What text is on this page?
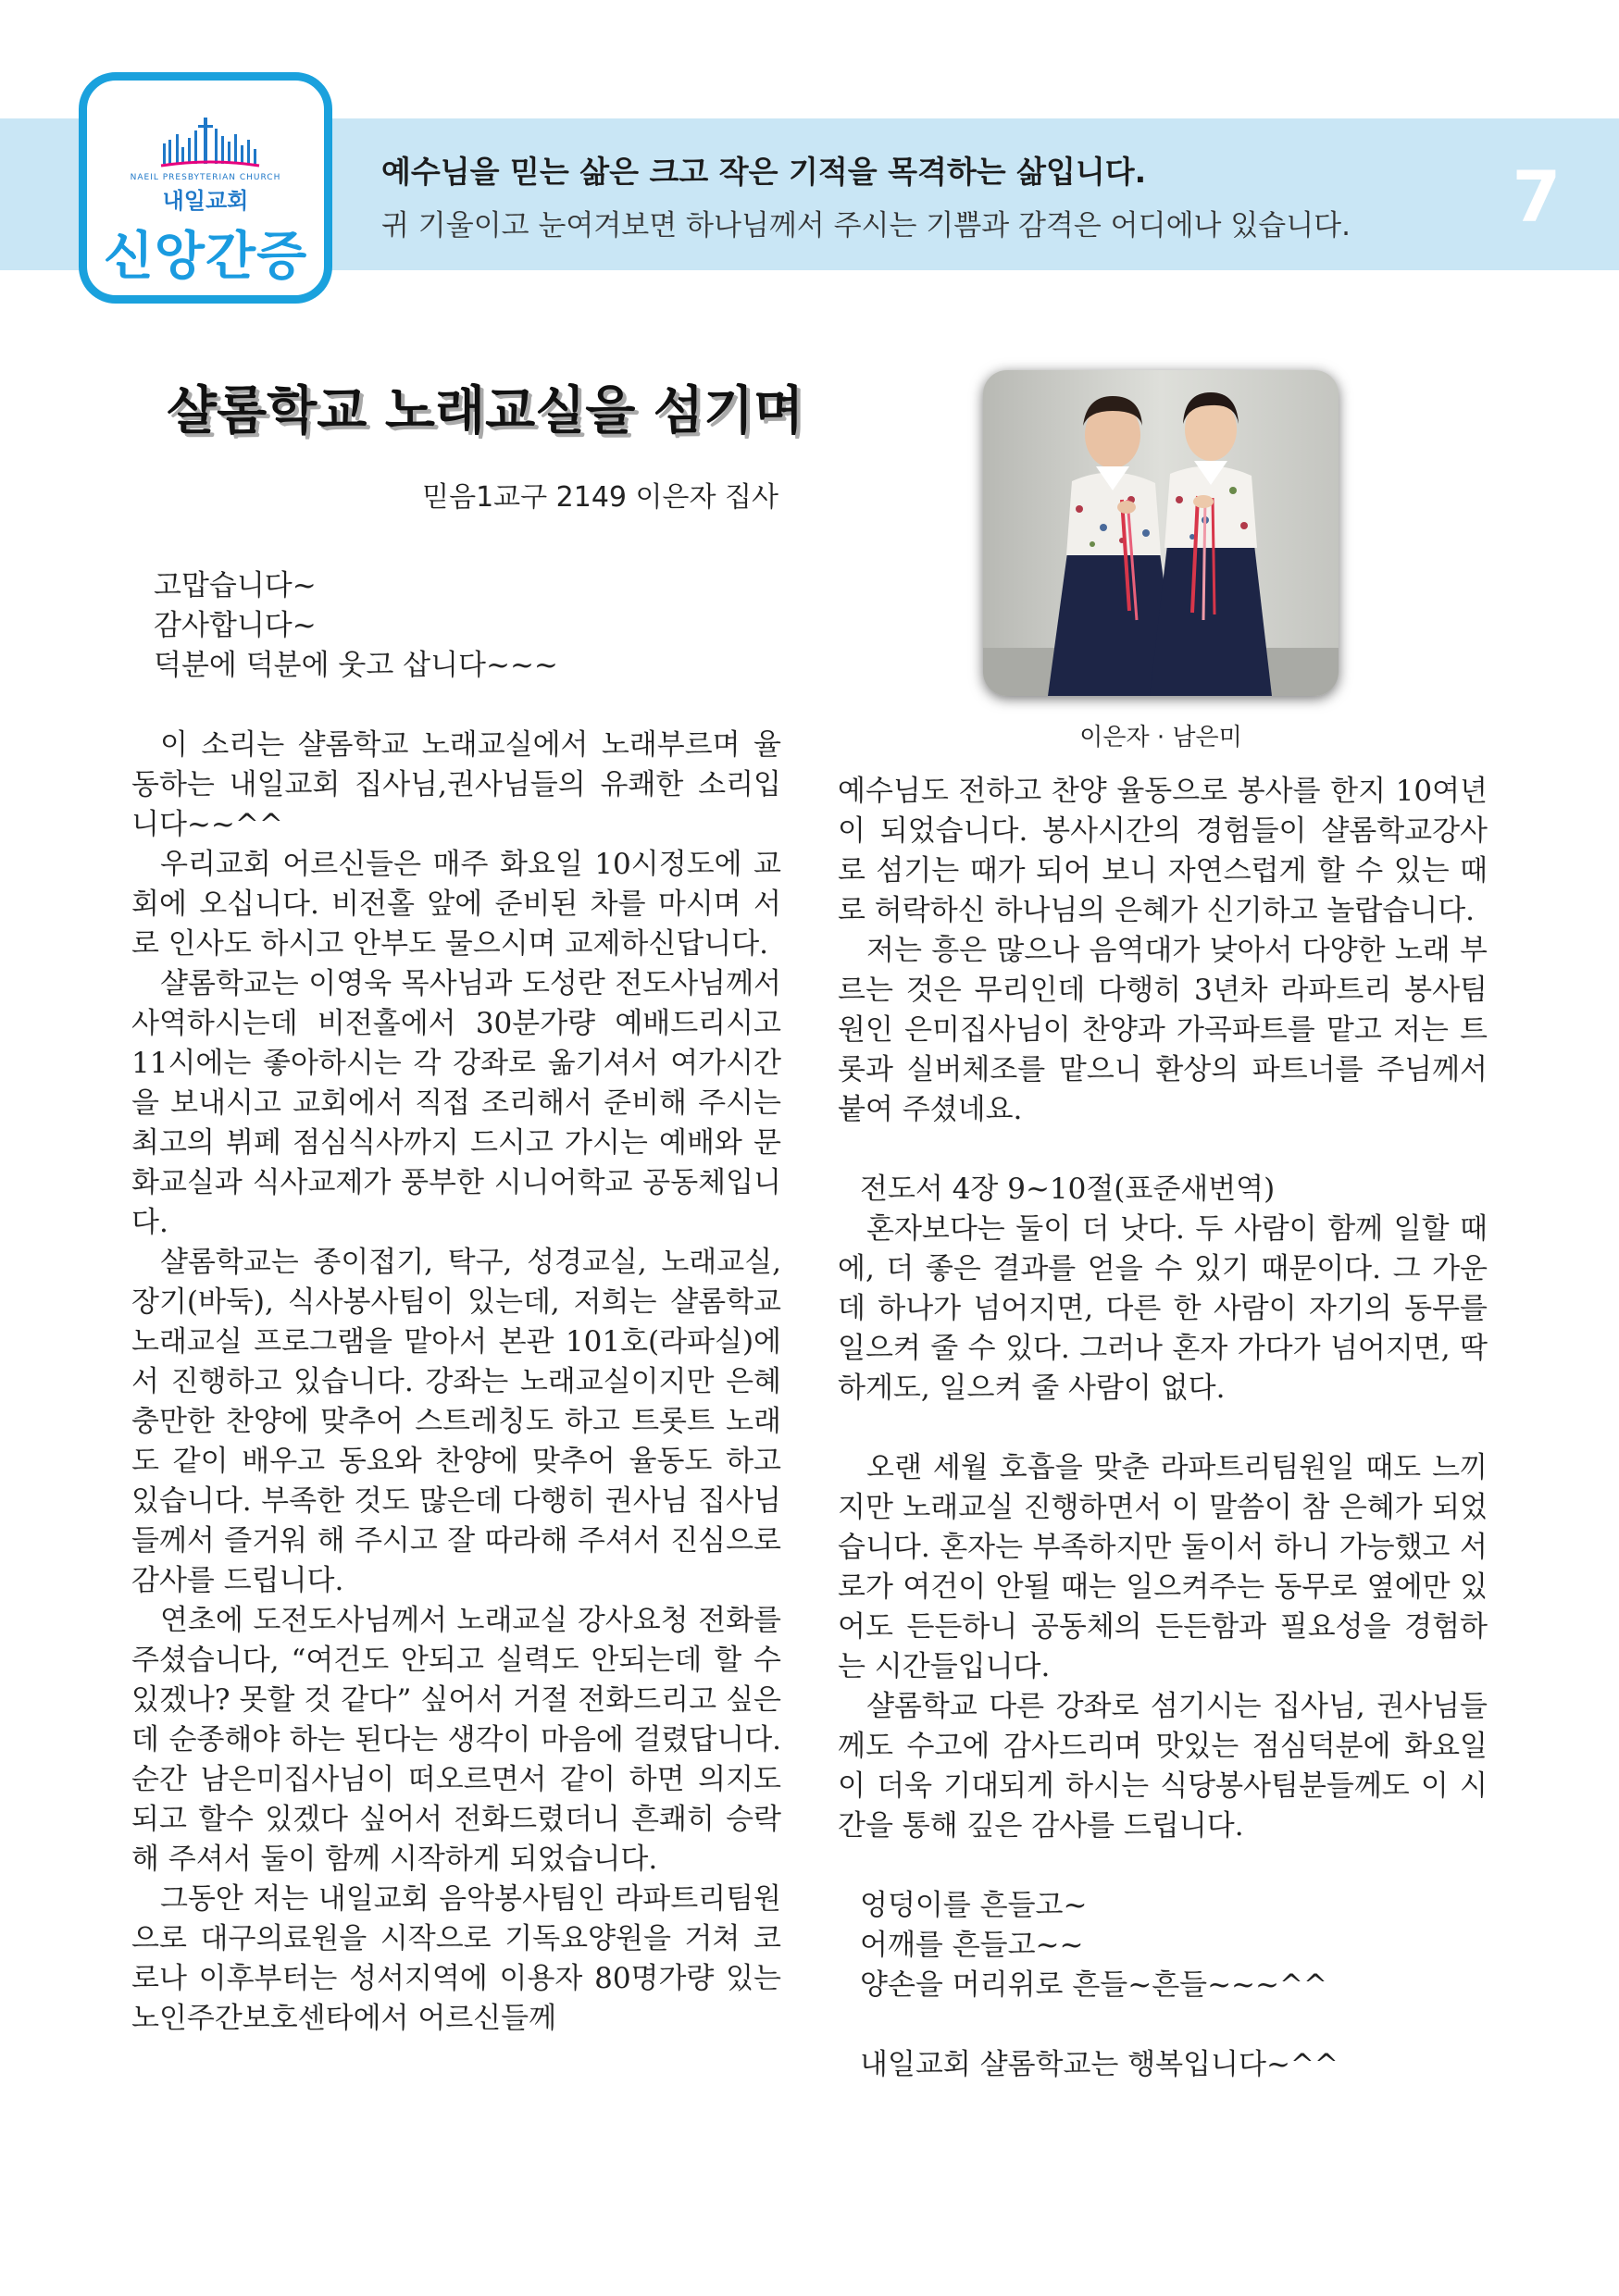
NAEIL PRESBYTERIAN CHURCH
내일교회
신앙간증
예수님을 믿는 삶은 크고 작은 기적을 목격하는 삶입니다.
귀 기울이고 눈여겨보면 하나님께서 주시는 기쁨과 감격은 어디에나 있습니다. 7
샬롬학교 노래교실을 섬기며
믿음1교구 2149 이은자 집사
이은자 · 남은미

고맙습니다~

감사합니다~

덕분에 덕분에 웃고 삽니다~~~

이 소리는 샬롬학교 노래교실에서 노래부르며 율동하는 내일교회 집사님,권사님들의 유쾌한 소리입니다~~^^

우리교회 어르신들은 매주 화요일 10시정도에 교회에 오십니다. 비전홀 앞에 준비된 차를 마시며 서로 인사도 하시고 안부도 물으시며 교제하신답니다.

샬롬학교는 이영욱 목사님과 도성란 전도사님께서 사역하시는데 비전홀에서 30분가량 예배드리시고 11시에는 좋아하시는 각 강좌로 옮기셔서 여가시간을 보내시고 교회에서 직접 조리해서 준비해 주시는 최고의 뷔페 점심식사까지 드시고 가시는 예배와 문화교실과 식사교제가 풍부한 시니어학교 공동체입니다.

샬롬학교는 종이접기, 탁구, 성경교실, 노래교실, 장기(바둑), 식사봉사팀이 있는데, 저희는 샬롬학교 노래교실 프로그램을 맡아서 본관 101호(라파실)에서 진행하고 있습니다. 강좌는 노래교실이지만 은혜 충만한 찬양에 맞추어 스트레칭도 하고 트롯트 노래도 같이 배우고 동요와 찬양에 맞추어 율동도 하고 있습니다. 부족한 것도 많은데 다행히 권사님 집사님들께서 즐거워 해 주시고 잘 따라해 주셔서 진심으로 감사를 드립니다.

연초에 도전도사님께서 노래교실 강사요청 전화를 주셨습니다, “여건도 안되고 실력도 안되는데 할 수 있겠나? 못할 것 같다” 싶어서 거절 전화드리고 싶은데 순종해야 하는 된다는 생각이 마음에 걸렸답니다. 순간 남은미집사님이 떠오르면서 같이 하면 의지도 되고 할수 있겠다 싶어서 전화드렸더니 흔쾌히 승락해 주셔서 둘이 함께 시작하게 되었습니다.

그동안 저는 내일교회 음악봉사팀인 라파트리팀원으로 대구의료원을 시작으로 기독요양원을 거쳐 코로나 이후부터는 성서지역에 이용자 80명가량 있는 노인주간보호센타에서 어르신들께

예수님도 전하고 찬양 율동으로 봉사를 한지 10여년이 되었습니다. 봉사시간의 경험들이 샬롬학교강사로 섬기는 때가 되어 보니 자연스럽게 할 수 있는 때로 허락하신 하나님의 은혜가 신기하고 놀랍습니다.

저는 흥은 많으나 음역대가 낮아서 다양한 노래 부르는 것은 무리인데 다행히 3년차 라파트리 봉사팀원인 은미집사님이 찬양과 가곡파트를 맡고 저는 트롯과 실버체조를 맡으니 환상의 파트너를 주님께서 붙여 주셨네요.

전도서 4장 9~10절(표준새번역)

혼자보다는 둘이 더 낫다. 두 사람이 함께 일할 때에, 더 좋은 결과를 얻을 수 있기 때문이다. 그 가운데 하나가 넘어지면, 다른 한 사람이 자기의 동무를 일으켜 줄 수 있다. 그러나 혼자 가다가 넘어지면, 딱하게도, 일으켜 줄 사람이 없다.

오랜 세월 호흡을 맞춘 라파트리팀원일 때도 느끼지만 노래교실 진행하면서 이 말씀이 참 은혜가 되었습니다. 혼자는 부족하지만 둘이서 하니 가능했고 서로가 여건이 안될 때는 일으켜주는 동무로 옆에만 있어도 든든하니 공동체의 든든함과 필요성을 경험하는 시간들입니다.

샬롬학교 다른 강좌로 섬기시는 집사님, 권사님들께도 수고에 감사드리며 맛있는 점심덕분에 화요일이 더욱 기대되게 하시는 식당봉사팀분들께도 이 시간을 통해 깊은 감사를 드립니다.

엉덩이를 흔들고~

어깨를 흔들고~~

양손을 머리위로 흔들~흔들~~~^^

내일교회 샬롬학교는 행복입니다~^^
